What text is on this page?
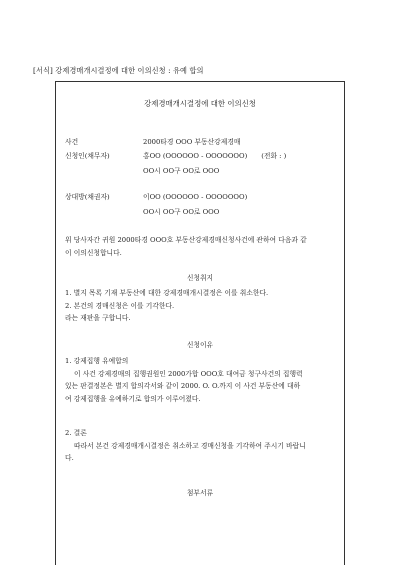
[서식] 강제경매개시결정에 대한 이의신청 : 유예 합의
강제경매개시결정에 대한 이의신청
사건	2000타경 OOO 부동산강제경매
신청인(채무자)	홍OO (OOOOOO - OOOOOOO) (전화 : )
OO시 OO구 OO로 OOO
상대방(채권자)	이OO (OOOOOO - OOOOOOO)
OO시 OO구 OO로 OOO
위 당사자간 귀원 2000타경 OOO호 부동산강제경매신청사건에 관하여 다음과 같
이 이의신청합니다.
신청취지
1. 별지 목록 기재 부동산에 대한 강제경매개시결정은 이를 취소한다.
2. 본건의 경매신청은 이를 기각한다.
라는 재판을 구합니다.
신청이유
1. 강제집행 유예합의
이 사건 강제경매의 집행권원인 2000가합 OOO호 대여금 청구사건의 집행력
있는 판결정본은 별지 합의각서와 같이 2000. O. O.까지 이 사건 부동산에 대하
여 강제집행을 유예하기로 합의가 이루어졌다.
2. 결론
따라서 본건 강제경매개시결정은 취소하고 경매신청을 기각하여 주시기 바랍니
다.
첨부서류
